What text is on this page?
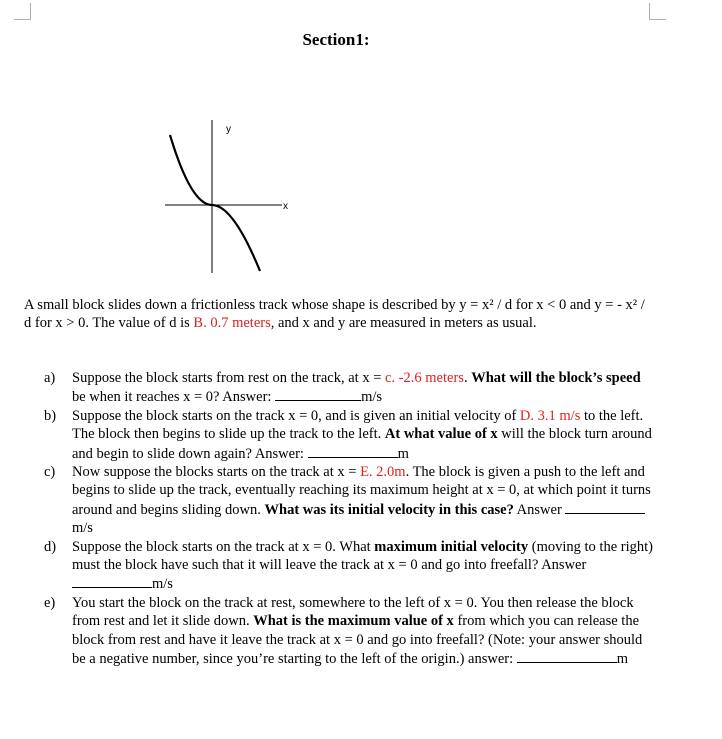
Section1:
y
x
A small block slides down a frictionless track whose shape is described by y = x² / d for x < 0 and y = - x² / d for x > 0. The value of d is B. 0.7 meters, and x and y are measured in meters as usual.
a) Suppose the block starts from rest on the track, at x = c. -2.6 meters. What will the block’s speed be when it reaches x = 0? Answer:	m/s
b) Suppose the block starts on the track x = 0, and is given an initial velocity of D. 3.1 m/s to the left. The block then begins to slide up the track to the left. At what value of x will the block turn around and begin to slide down again? Answer:	m
c) Now suppose the blocks starts on the track at x = E. 2.0m. The block is given a push to the left and begins to slide up the track, eventually reaching its maximum height at x = 0, at which point it turns around and begins sliding down. What was its initial velocity in this case? Answer m/s
d) Suppose the block starts on the track at x = 0. What maximum initial velocity (moving to the right) must the block have such that it will leave the track at x = 0 and go into freefall? Answer m/s
e) You start the block on the track at rest, somewhere to the left of x = 0. You then release the block from rest and let it slide down. What is the maximum value of x from which you can release the block from rest and have it leave the track at x = 0 and go into freefall? (Note: your answer should be a negative number, since you’re starting to the left of the origin.) answer:	m
